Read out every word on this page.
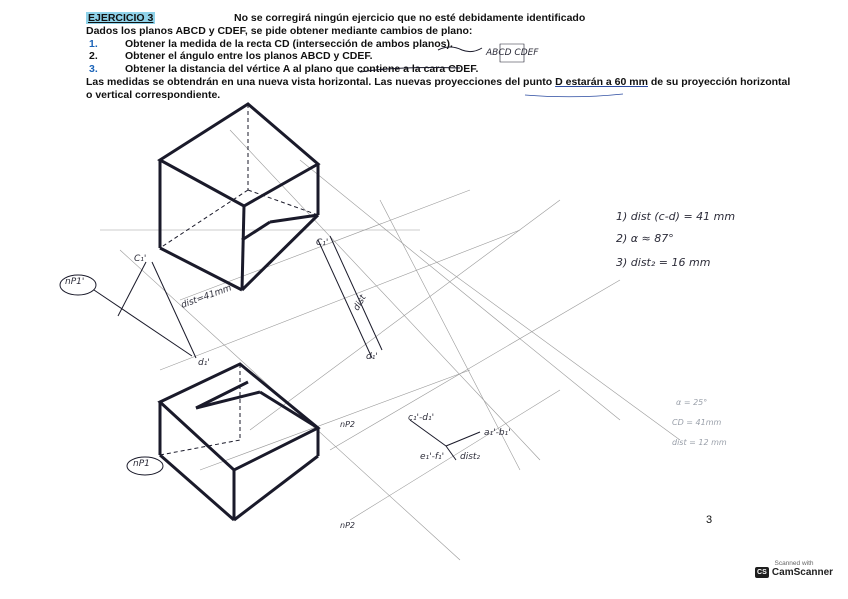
EJERCICIO 3	No se corregirá ningún ejercicio que no esté debidamente identificado
Dados los planos ABCD y CDEF, se pide obtener mediante cambios de plano:
1.	Obtener la medida de la recta CD (intersección de ambos planos).
2.	Obtener el ángulo entre los planos ABCD y CDEF.
3.	Obtener la distancia del vértice A al plano que contiene a la cara CDEF.
Las medidas se obtendrán en una nueva vista horizontal. Las nuevas proyecciones del punto D estarán a 60 mm de su proyección horizontal
o vertical correspondiente.
ABCD CDEF
nP1'
nP1
C₁'
d₁'
dist=41mm
C₁'
dist
d₁'
c₁'-d₁'
a₁'-b₁'
e₁'-f₁' dist₂
nP2
nP2
1) dist (c-d) = 41 mm
2) α ≈ 87°
3) dist₂ = 16 mm
α = 25°
CD = 41mm
dist = 12 mm
3
Scanned with
CS CamScanner
